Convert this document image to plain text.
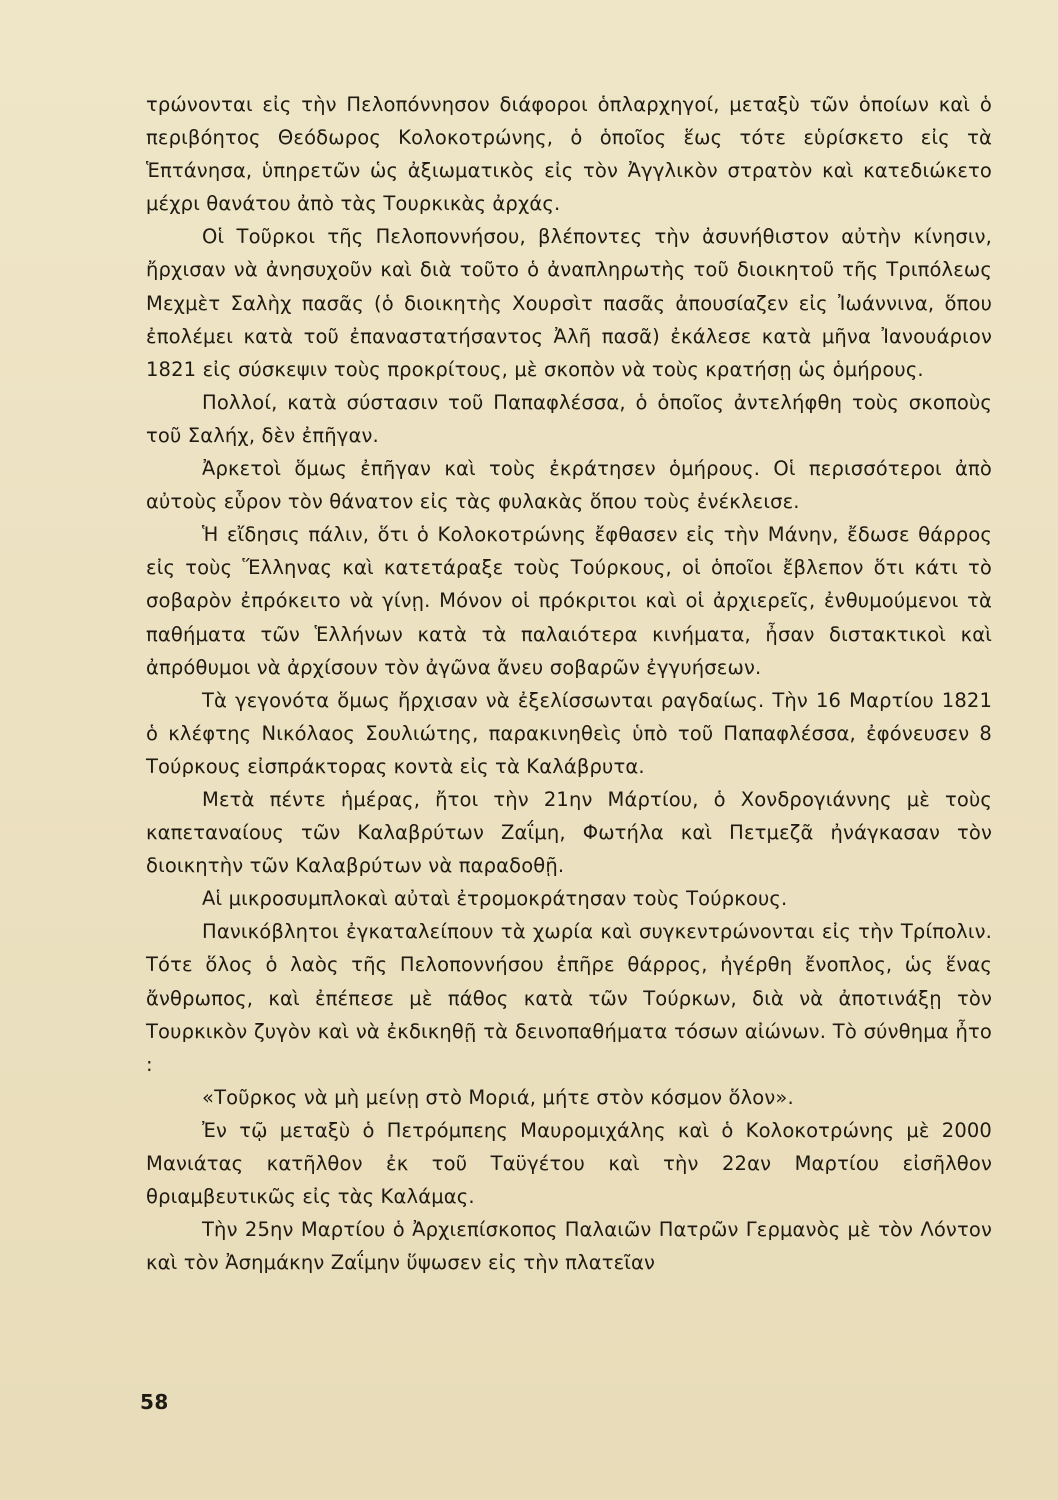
τρώνονται εἰς τὴν Πελοπόννησον διάφοροι ὁπλαρχηγοί, μεταξὺ τῶν ὁποίων καὶ ὁ περιβόητος Θεόδωρος Κολοκοτρώνης, ὁ ὁποῖος ἕως τότε εὑρίσκετο εἰς τὰ Ἑπτάνησα, ὑπηρετῶν ὡς ἀξιωματικὸς εἰς τὸν Ἀγγλικὸν στρατὸν καὶ κατεδιώκετο μέχρι θανάτου ἀπὸ τὰς Τουρκικὰς ἀρχάς.

Οἱ Τοῦρκοι τῆς Πελοποννήσου, βλέποντες τὴν ἀσυνήθιστον αὐτὴν κίνησιν, ἤρχισαν νὰ ἀνησυχοῦν καὶ διὰ τοῦτο ὁ ἀναπληρωτὴς τοῦ διοικητοῦ τῆς Τριπόλεως Μεχμὲτ Σαλὴχ πασᾶς (ὁ διοικητὴς Χουρσὶτ πασᾶς ἀπουσίαζεν εἰς Ἰωάννινα, ὅπου ἐπολέμει κατὰ τοῦ ἐπαναστατήσαντος Ἀλῆ πασᾶ) ἐκάλεσε κατὰ μῆνα Ἰανουάριον 1821 εἰς σύσκεψιν τοὺς προκρίτους, μὲ σκοπὸν νὰ τοὺς κρατήσῃ ὡς ὁμήρους.

Πολλοί, κατὰ σύστασιν τοῦ Παπαφλέσσα, ὁ ὁποῖος ἀντελήφθη τοὺς σκοποὺς τοῦ Σαλήχ, δὲν ἐπῆγαν.

Ἀρκετοὶ ὅμως ἐπῆγαν καὶ τοὺς ἐκράτησεν ὁμήρους. Οἱ περισσότεροι ἀπὸ αὐτοὺς εὗρον τὸν θάνατον εἰς τὰς φυλακὰς ὅπου τοὺς ἐνέκλεισε.

Ἡ εἴδησις πάλιν, ὅτι ὁ Κολοκοτρώνης ἔφθασεν εἰς τὴν Μάνην, ἔδωσε θάρρος εἰς τοὺς Ἕλληνας καὶ κατετάραξε τοὺς Τούρκους, οἱ ὁποῖοι ἔβλεπον ὅτι κάτι τὸ σοβαρὸν ἐπρόκειτο νὰ γίνῃ. Μόνον οἱ πρόκριτοι καὶ οἱ ἀρχιερεῖς, ἐνθυμούμενοι τὰ παθήματα τῶν Ἑλλήνων κατὰ τὰ παλαιότερα κινήματα, ἦσαν διστακτικοὶ καὶ ἀπρόθυμοι νὰ ἀρχίσουν τὸν ἀγῶνα ἄνευ σοβαρῶν ἐγγυήσεων.

Τὰ γεγονότα ὅμως ἤρχισαν νὰ ἐξελίσσωνται ραγδαίως. Τὴν 16 Μαρτίου 1821 ὁ κλέφτης Νικόλαος Σουλιώτης, παρακινηθεὶς ὑπὸ τοῦ Παπαφλέσσα, ἐφόνευσεν 8 Τούρκους εἰσπράκτορας κοντὰ εἰς τὰ Καλάβρυτα.

Μετὰ πέντε ἡμέρας, ἤτοι τὴν 21ην Μάρτίου, ὁ Χονδρογιάννης μὲ τοὺς καπεταναίους τῶν Καλαβρύτων Ζαΐμη, Φωτήλα καὶ Πετμεζᾶ ἠνάγκασαν τὸν διοικητὴν τῶν Καλαβρύτων νὰ παραδοθῇ.

Αἱ μικροσυμπλοκαὶ αὐταὶ ἐτρομοκράτησαν τοὺς Τούρκους.

Πανικόβλητοι ἐγκαταλείπουν τὰ χωρία καὶ συγκεντρώνονται εἰς τὴν Τρίπολιν. Τότε ὅλος ὁ λαὸς τῆς Πελοποννήσου ἐπῆρε θάρρος, ἠγέρθη ἔνοπλος, ὡς ἕνας ἄνθρωπος, καὶ ἐπέπεσε μὲ πάθος κατὰ τῶν Τούρκων, διὰ νὰ ἀποτινάξῃ τὸν Τουρκικὸν ζυγὸν καὶ νὰ ἐκδικηθῇ τὰ δεινοπαθήματα τόσων αἰώνων. Τὸ σύνθημα ἦτο :

«Τοῦρκος νὰ μὴ μείνῃ στὸ Μοριά, μήτε στὸν κόσμον ὅλον».

Ἐν τῷ μεταξὺ ὁ Πετρόμπεης Μαυρομιχάλης καὶ ὁ Κολοκοτρώνης μὲ 2000 Μανιάτας κατῆλθον ἐκ τοῦ Ταϋγέτου καὶ τὴν 22αν Μαρτίου εἰσῆλθον θριαμβευτικῶς εἰς τὰς Καλάμας.

Τὴν 25ην Μαρτίου ὁ Ἀρχιεπίσκοπος Παλαιῶν Πατρῶν Γερμανὸς μὲ τὸν Λόντον καὶ τὸν Ἀσημάκην Ζαΐμην ὕψωσεν εἰς τὴν πλατεῖαν

58
